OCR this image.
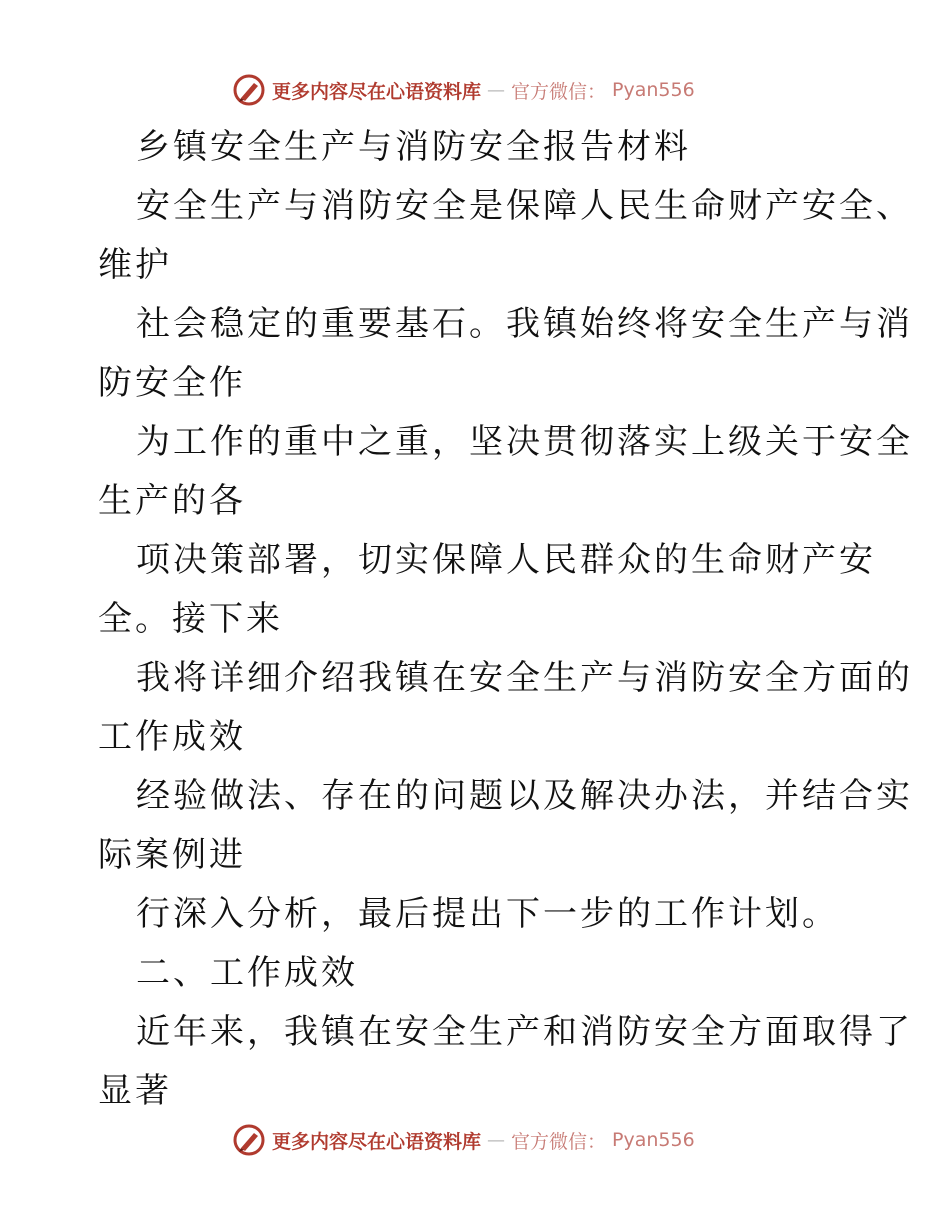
更多内容尽在心语资料库 — 官方微信： Pyan556
乡镇安全生产与消防安全报告材料
安全生产与消防安全是保障人民生命财产安全、
维护
社会稳定的重要基石。我镇始终将安全生产与消
防安全作
为工作的重中之重，坚决贯彻落实上级关于安全
生产的各
项决策部署，切实保障人民群众的生命财产安
全。接下来
我将详细介绍我镇在安全生产与消防安全方面的
工作成效
经验做法、存在的问题以及解决办法，并结合实
际案例进
行深入分析，最后提出下一步的工作计划。
二、工作成效
近年来，我镇在安全生产和消防安全方面取得了
显著
更多内容尽在心语资料库 — 官方微信： Pyan556
